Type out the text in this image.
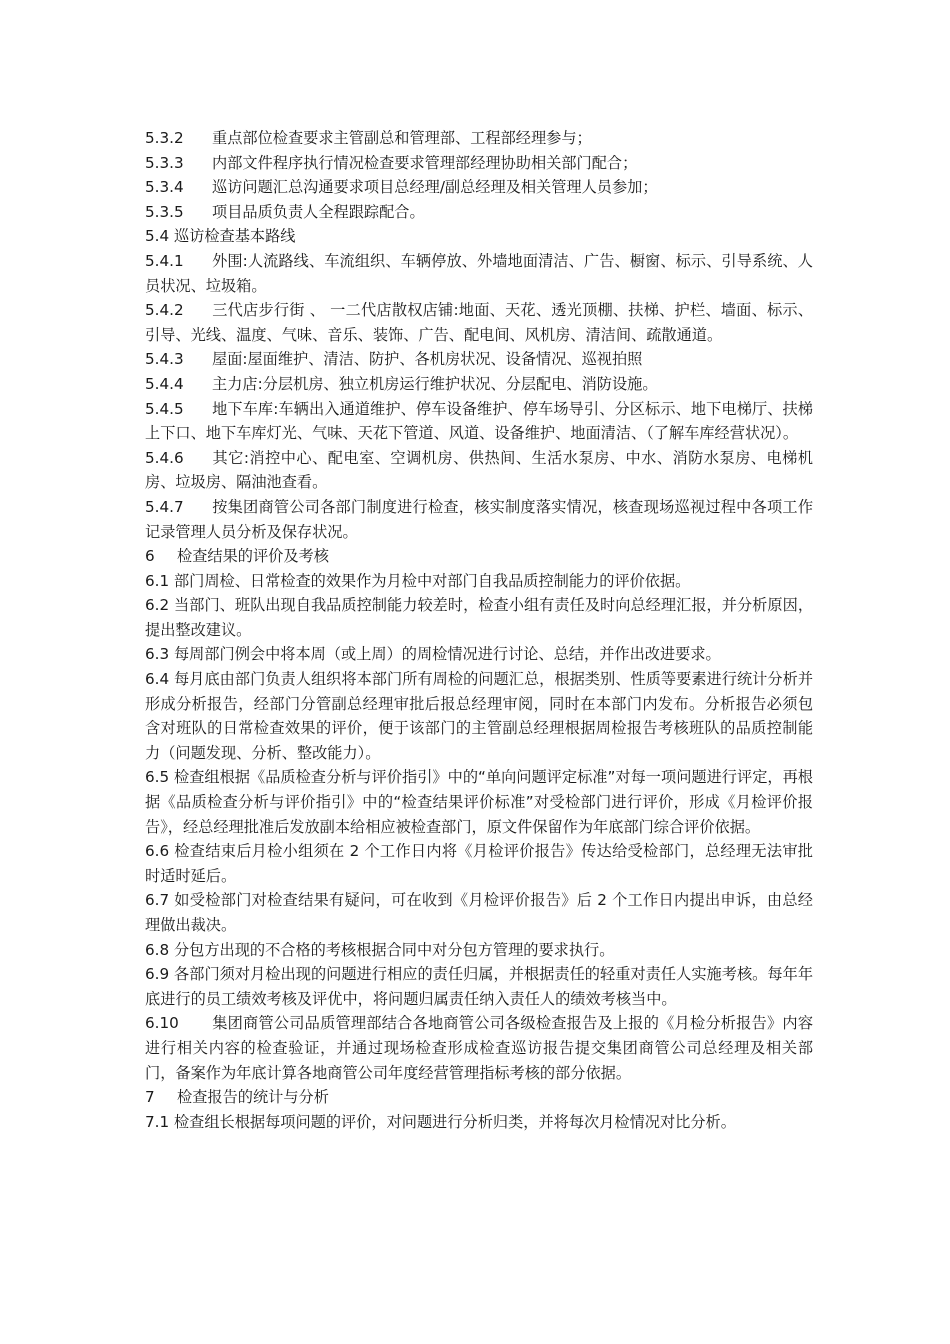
5.3.2 重点部位检查要求主管副总和管理部、工程部经理参与；

5.3.3 内部文件程序执行情况检查要求管理部经理协助相关部门配合；

5.3.4 巡访问题汇总沟通要求项目总经理/副总经理及相关管理人员参加；

5.3.5 项目品质负责人全程跟踪配合。

5.4 巡访检查基本路线

5.4.1 外围:人流路线、车流组织、车辆停放、外墙地面清洁、广告、橱窗、标示、引导系统、人员状况、垃圾箱。

5.4.2 三代店步行街 、 一二代店散权店铺:地面、天花、透光顶棚、扶梯、护栏、墙面、标示、引导、光线、温度、气味、音乐、装饰、广告、配电间、风机房、清洁间、疏散通道。

5.4.3 屋面:屋面维护、清洁、防护、各机房状况、设备情况、巡视拍照

5.4.4 主力店:分层机房、独立机房运行维护状况、分层配电、消防设施。

5.4.5 地下车库:车辆出入通道维护、停车设备维护、停车场导引、分区标示、地下电梯厅、扶梯上下口、地下车库灯光、气味、天花下管道、风道、设备维护、地面清洁、（了解车库经营状况）。

5.4.6 其它:消控中心、配电室、空调机房、供热间、生活水泵房、中水、消防水泵房、电梯机房、垃圾房、隔油池查看。

5.4.7 按集团商管公司各部门制度进行检查，核实制度落实情况，核查现场巡视过程中各项工作记录管理人员分析及保存状况。

6 检查结果的评价及考核

6.1 部门周检、日常检查的效果作为月检中对部门自我品质控制能力的评价依据。

6.2 当部门、班队出现自我品质控制能力较差时，检查小组有责任及时向总经理汇报，并分析原因，提出整改建议。

6.3 每周部门例会中将本周（或上周）的周检情况进行讨论、总结，并作出改进要求。

6.4 每月底由部门负责人组织将本部门所有周检的问题汇总，根据类别、性质等要素进行统计分析并形成分析报告，经部门分管副总经理审批后报总经理审阅，同时在本部门内发布。分析报告必须包含对班队的日常检查效果的评价，便于该部门的主管副总经理根据周检报告考核班队的品质控制能力（问题发现、分析、整改能力）。

6.5 检查组根据《品质检查分析与评价指引》中的“单向问题评定标准”对每一项问题进行评定，再根据《品质检查分析与评价指引》中的“检查结果评价标准”对受检部门进行评价，形成《月检评价报告》，经总经理批准后发放副本给相应被检查部门，原文件保留作为年底部门综合评价依据。

6.6 检查结束后月检小组须在 2 个工作日内将《月检评价报告》传达给受检部门，总经理无法审批时适时延后。

6.7 如受检部门对检查结果有疑问，可在收到《月检评价报告》后 2 个工作日内提出申诉，由总经理做出裁决。

6.8 分包方出现的不合格的考核根据合同中对分包方管理的要求执行。

6.9 各部门须对月检出现的问题进行相应的责任归属，并根据责任的轻重对责任人实施考核。每年年底进行的员工绩效考核及评优中，将问题归属责任纳入责任人的绩效考核当中。

6.10 集团商管公司品质管理部结合各地商管公司各级检查报告及上报的《月检分析报告》内容进行相关内容的检查验证，并通过现场检查形成检查巡访报告提交集团商管公司总经理及相关部门，备案作为年底计算各地商管公司年度经营管理指标考核的部分依据。

7 检查报告的统计与分析

7.1 检查组长根据每项问题的评价，对问题进行分析归类，并将每次月检情况对比分析。
